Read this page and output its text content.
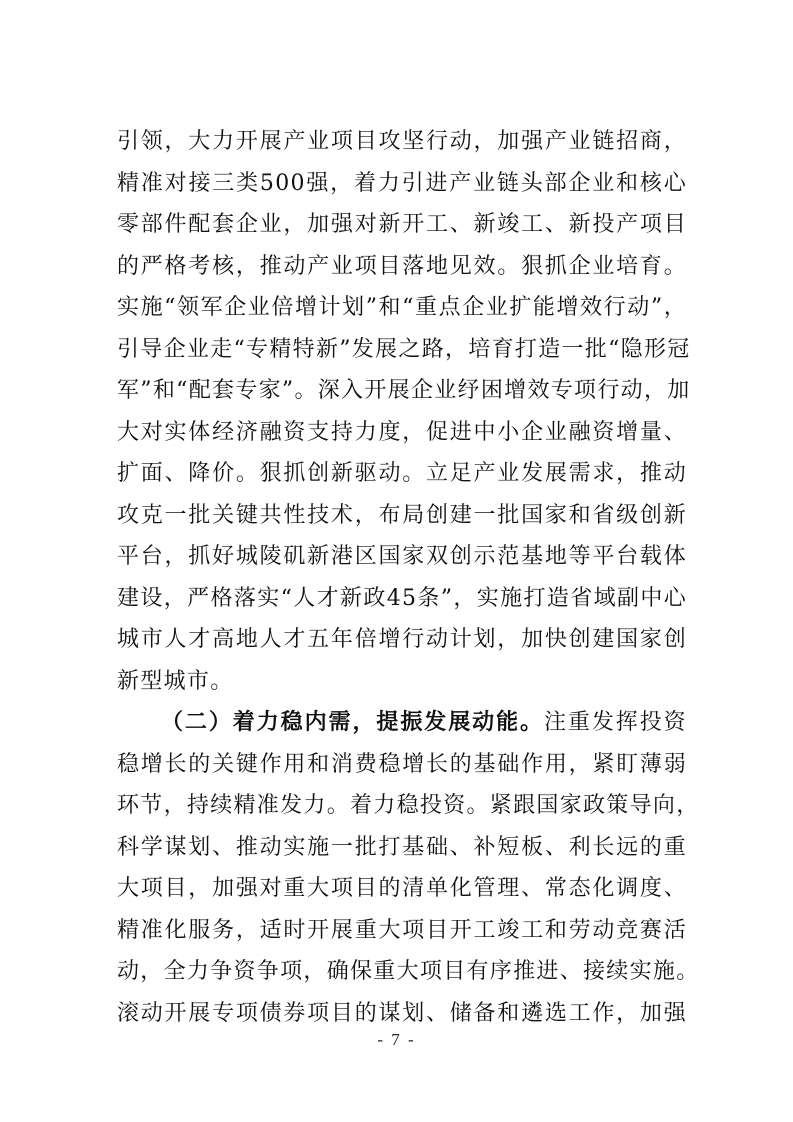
引领，大力开展产业项目攻坚行动，加强产业链招商，
精准对接三类500强，着力引进产业链头部企业和核心
零部件配套企业，加强对新开工、新竣工、新投产项目
的严格考核，推动产业项目落地见效。狠抓企业培育。
实施“领军企业倍增计划”和“重点企业扩能增效行动”，
引导企业走“专精特新”发展之路，培育打造一批“隐形冠
军”和“配套专家”。深入开展企业纾困增效专项行动，加
大对实体经济融资支持力度，促进中小企业融资增量、
扩面、降价。狠抓创新驱动。立足产业发展需求，推动
攻克一批关键共性技术，布局创建一批国家和省级创新
平台，抓好城陵矶新港区国家双创示范基地等平台载体
建设，严格落实“人才新政45条”，实施打造省域副中心
城市人才高地人才五年倍增行动计划，加快创建国家创
新型城市。
（二）着力稳内需，提振发展动能。注重发挥投资
稳增长的关键作用和消费稳增长的基础作用，紧盯薄弱
环节，持续精准发力。着力稳投资。紧跟国家政策导向，
科学谋划、推动实施一批打基础、补短板、利长远的重
大项目，加强对重大项目的清单化管理、常态化调度、
精准化服务，适时开展重大项目开工竣工和劳动竞赛活
动，全力争资争项，确保重大项目有序推进、接续实施。
滚动开展专项债券项目的谋划、储备和遴选工作，加强
- 7 -
